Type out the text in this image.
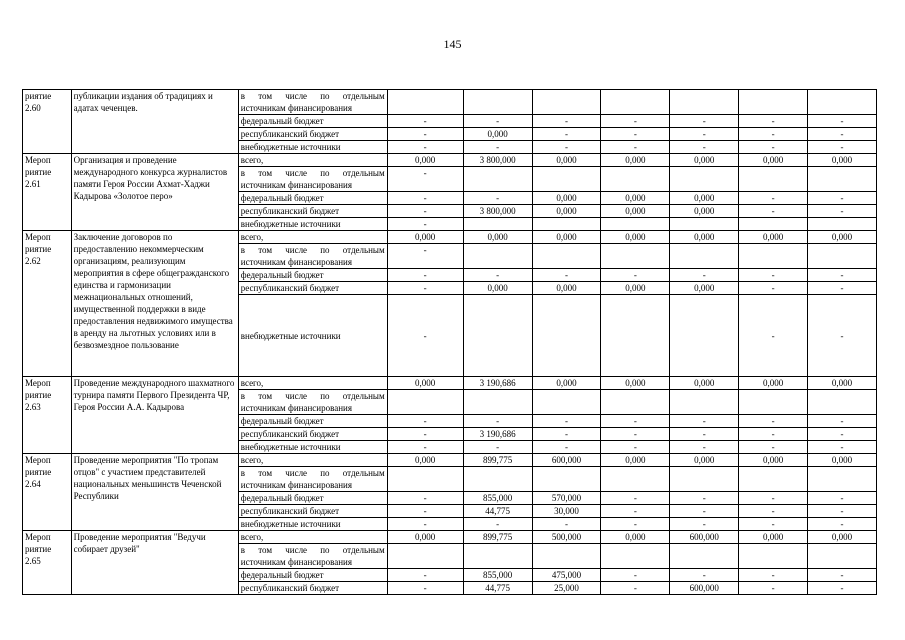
145
риятие 2.60	публикации издания об традициях и адатах чеченцев.	в том числе по отдельным источникам финансирования							

		федеральный бюджет	-	-	-	-	-	-	-
		республиканский бюджет	-	0,000	-	-	-	-	-
		внебюджетные источники	-	-	-	-	-	-	-
Мероп риятие 2.61	Организация и проведение международного конкурса журналистов памяти Героя России Ахмат-Хаджи Кадырова «Золотое перо»	всего,	0,000	3 800,000	0,000	0,000	0,000	0,000	0,000

		в том числе по отдельным источникам финансирования	-						
		федеральный бюджет	-	-	0,000	0,000	0,000	-	-
		республиканский бюджет	-	3 800,000	0,000	0,000	0,000	-	-
		внебюджетные источники	-						
Мероп риятие 2.62	Заключение договоров по предоставлению некоммерческим организациям, реализующим мероприятия в сфере общегражданского единства и гармонизации межнациональных отношений, имущественной поддержки в виде предоставления недвижимого имущества в аренду на льготных условиях или в безвозмездное пользование	всего,	0,000	0,000	0,000	0,000	0,000	0,000	0,000

		в том числе по отдельным источникам финансирования	-						
		федеральный бюджет	-	-	-	-	-	-	-
		республиканский бюджет	-	0,000	0,000	0,000	0,000	-	-
		внебюджетные источники	-					-	-
Мероп риятие 2.63	Проведение международного шахматного турнира памяти Первого Президента ЧР, Героя России А.А. Кадырова	всего,	0,000	3 190,686	0,000	0,000	0,000	0,000	0,000

		в том числе по отдельным источникам финансирования							

		федеральный бюджет	-	-	-	-	-	-	-
		республиканский бюджет	-	3 190,686	-	-	-	-	-
		внебюджетные источники	-	-	-	-	-	-	-
Мероп риятие 2.64	Проведение мероприятия "По тропам отцов" с участием представителей национальных меньшинств Чеченской Республики	всего,	0,000	899,775	600,000	0,000	0,000	0,000	0,000

		в том числе по отдельным источникам финансирования							

		федеральный бюджет	-	855,000	570,000	-	-	-	-
		республиканский бюджет	-	44,775	30,000	-	-	-	-
		внебюджетные источники	-	-	-	-	-	-	-
Мероп риятие 2.65	Проведение мероприятия "Ведучи собирает друзей"	всего,	0,000	899,775	500,000	0,000	600,000	0,000	0,000

		в том числе по отдельным источникам финансирования							

		федеральный бюджет	-	855,000	475,000	-	-	-	-
		республиканский бюджет	-	44,775	25,000	-	600,000	-	-
